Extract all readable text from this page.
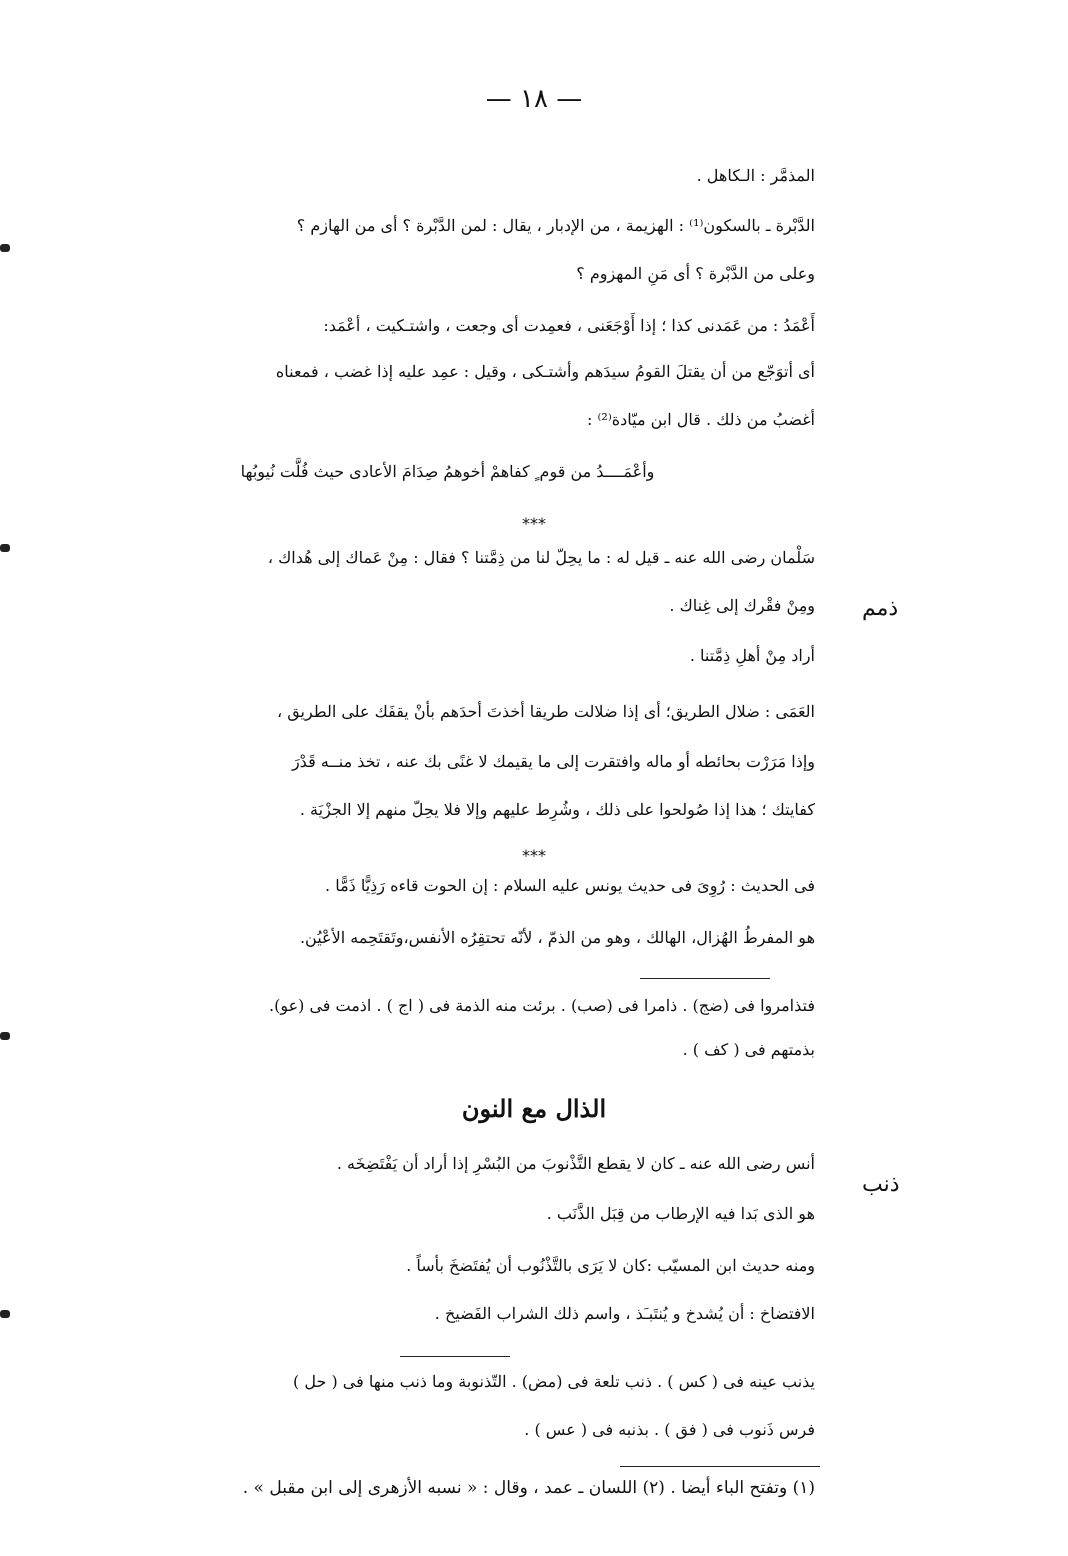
— ١٨ —
المذمَّر : الـكاهل .
الدَّبْرة ـ بالسكون⁽¹⁾ : الهزيمة ، من الإدبار ، يقال : لمن الدَّبْرة ؟ أى من الهازم ؟
وعلى من الدَّبْرة ؟ أى مَنِ المهزوم ؟
أَعْمَدُ : من عَمَدنى كذا ؛ إذا أَوْجَعَنى ، فعمِدت أى وجعت ، واشتـكيت ، أعْمَد:
أى أتوَجّع من أن يقتلَ القومُ سيدَهم وأشتـكى ، وقيل : عمِد عليه إذا غضب ، فمعناه
أغضبُ من ذلك . قال ابن ميّادة⁽²⁾ :
وأعْمَــــدُ من قوم ٍ كفاهمْ أخوهمُ صِدَامَ الأعادى حيث فُلَّت نُيوبُها
***
ذمم
سَلْمان رضى الله عنه ـ قيل له : ما يحِلّ لنا من ذِمَّتنا ؟ فقال : مِنْ عَماك إلى هُداك ،
ومِنْ فقْرك إلى غِناك .
أراد مِنْ أهلِ ذِمَّتنا .
العَمَى : ضلال الطريق؛ أى إذا ضلالت طريقا أخذتَ أحدَهم بأنْ يقفَك على الطريق ،
وإذا مَرَرْت بحائطه أو ماله وافتقرت إلى ما يقيمك لا غنًى بك عنه ، تخذ منــه قَدْرَ
كفايتك ؛ هذا إذا صُولحوا على ذلك ، وشُرِط عليهم وإلا فلا يحِلّ منهم إلا الجزْيَة .
***
فى الحديث : رُوِىَ فى حديث يونس عليه السلام : إن الحوت قاءه رَذِيًّا ذَمًّا .
هو المفرطُ الهُزال، الهالك ، وهو من الذمّ ، لأنّه تحتقِرُه الأنفس،وتَقتَحِمه الأعْيُن.
فتذامروا فى (ضج) . ذامرا فى (صب) . برئت منه الذمة فى ( اج ) . اذمت فى (عو).
بذمتهم فى ( كف ) .
الذال مع النون
ذنب
أنس رضى الله عنه ـ كان لا يقطع التَّذْنوبَ من البُسْرِ إذا أراد أن يَفْتَضِخَه .
هو الذى بَدا فيه الإرطاب من قِبَل الذَّنَب .
ومنه حديث ابن المسيّب :كان لا يَرَى بالتَّذْنُوب أن يُفتَضخَ بأساً .
الافتضاخ : أن يُشدخ و يُنتَبـَذ ، واسم ذلك الشراب الفَضيخ .
يذنب عينه فى ( كس ) . ذنب تلعة فى (مض) . التّذنوبة وما ذنب منها فى ( حل )
فرس ذَنوب فى ( فق ) . بذنبه فى ( عس ) .
(١) وتفتح الباء أيضا . (٢) اللسان ـ عمد ، وقال : « نسبه الأزهرى إلى ابن مقبل » .
